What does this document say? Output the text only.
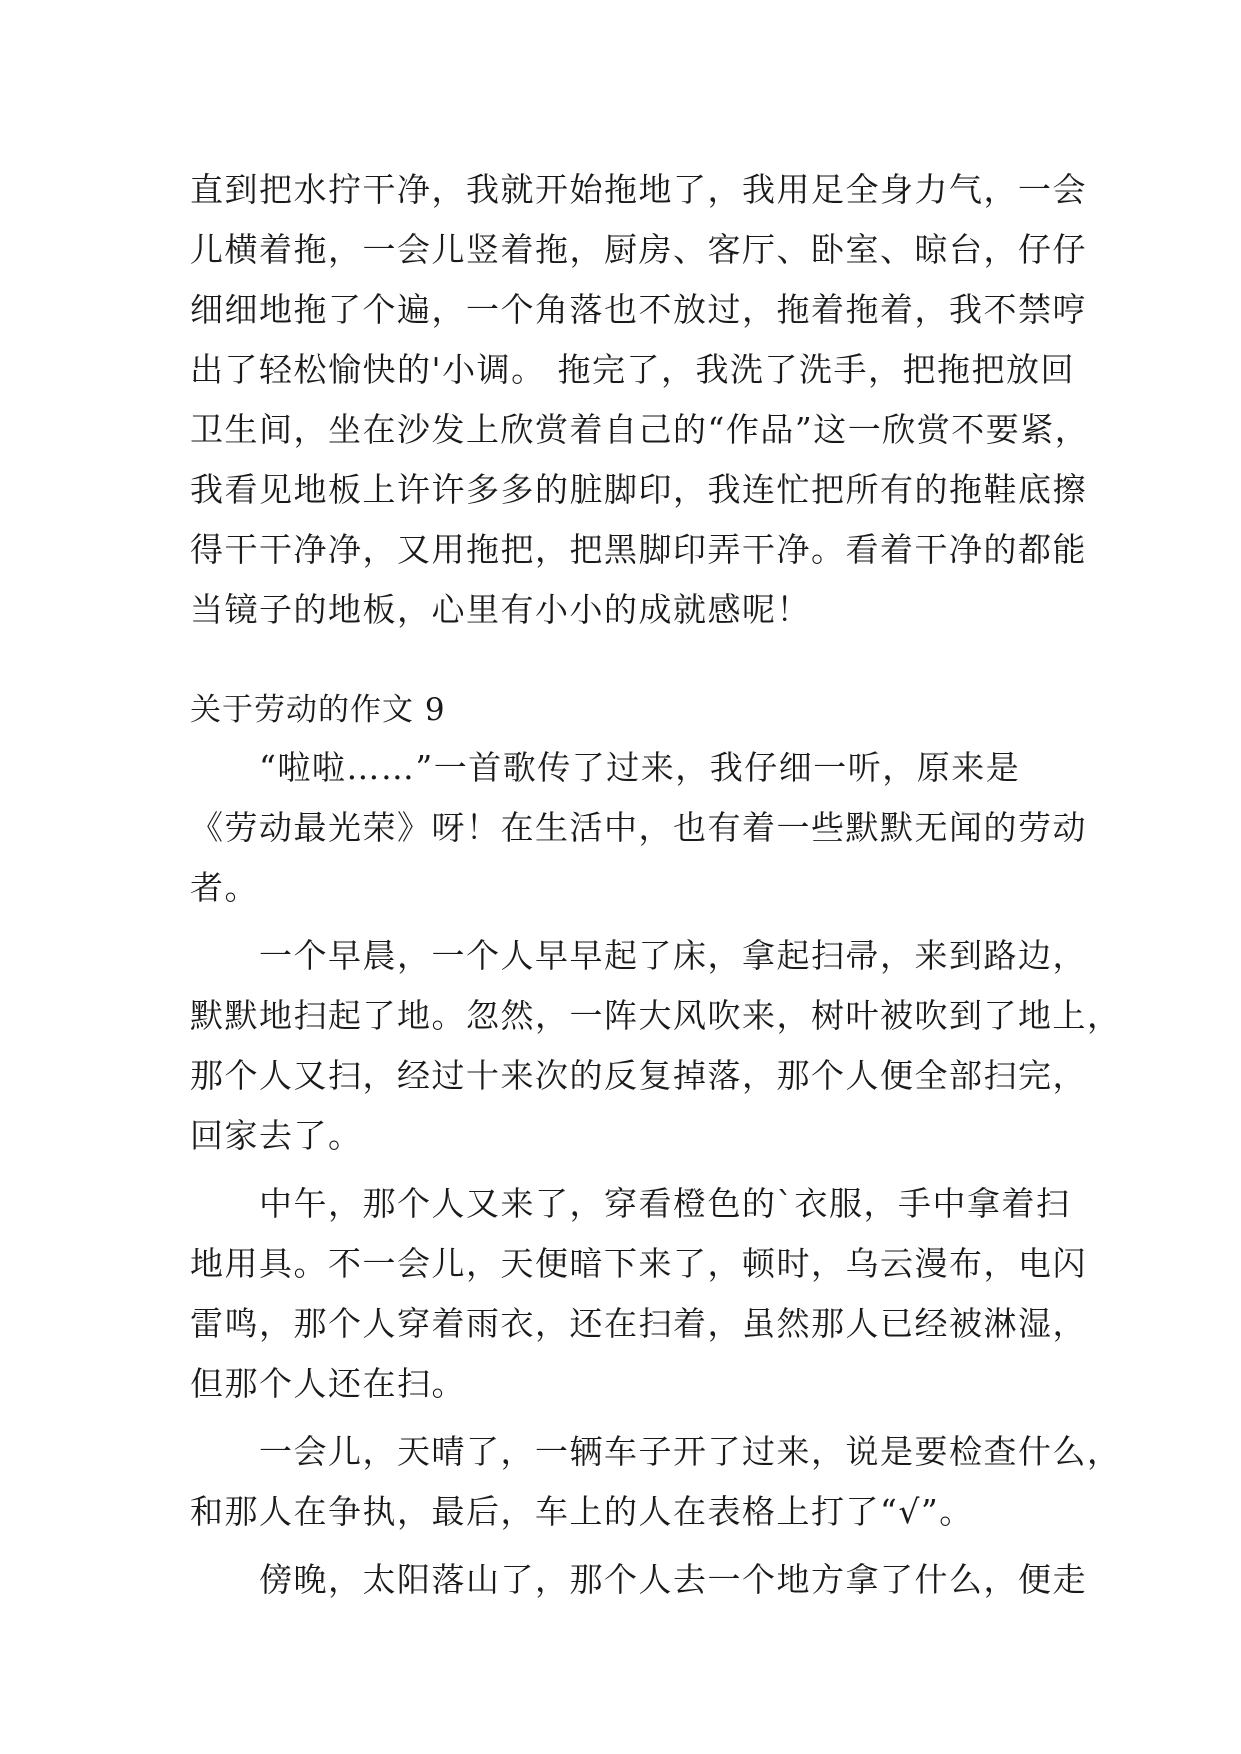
直到把水拧干净，我就开始拖地了，我用足全身力气，一会

儿横着拖，一会儿竖着拖，厨房、客厅、卧室、晾台，仔仔

细细地拖了个遍，一个角落也不放过，拖着拖着，我不禁哼

出了轻松愉快的'小调。 拖完了，我洗了洗手，把拖把放回

卫生间，坐在沙发上欣赏着自己的“作品”这一欣赏不要紧，

我看见地板上许许多多的脏脚印，我连忙把所有的拖鞋底擦

得干干净净，又用拖把，把黑脚印弄干净。看着干净的都能

当镜子的地板，心里有小小的成就感呢！

关于劳动的作文 9

　　“啦啦……”一首歌传了过来，我仔细一听，原来是

《劳动最光荣》呀！在生活中，也有着一些默默无闻的劳动

者。

　　一个早晨，一个人早早起了床，拿起扫帚，来到路边，

默默地扫起了地。忽然，一阵大风吹来，树叶被吹到了地上，

那个人又扫，经过十来次的反复掉落，那个人便全部扫完，

回家去了。

　　中午，那个人又来了，穿看橙色的`衣服，手中拿着扫

地用具。不一会儿，天便暗下来了，顿时，乌云漫布，电闪

雷鸣，那个人穿着雨衣，还在扫着，虽然那人已经被淋湿，

但那个人还在扫。

　　一会儿，天晴了，一辆车子开了过来，说是要检查什么，

和那人在争执，最后，车上的人在表格上打了“√”。

　　傍晚，太阳落山了，那个人去一个地方拿了什么，便走
